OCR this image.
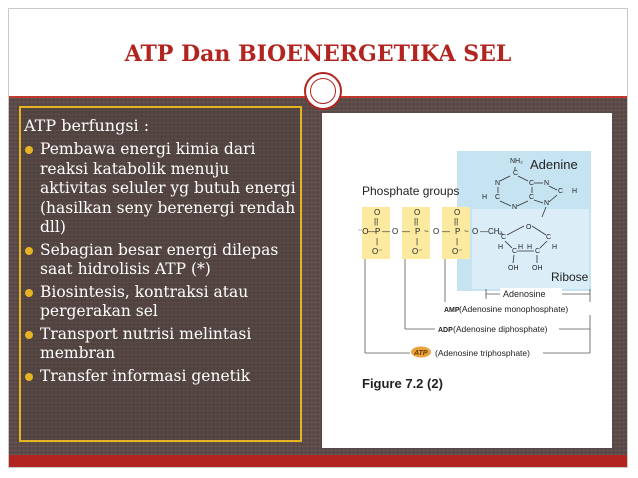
ATP Dan BIOENERGETIKA SEL
ATP berfungsi :
Pembawa energi kimia dari reaksi katabolik menuju aktivitas seluler yg butuh energi (hasilkan seny berenergi rendah dll)
Sebagian besar energi dilepas saat hidrolisis ATP (*)
Biosintesis, kontraksi atau pergerakan sel
Transport nutrisi melintasi membran
Transfer informasi genetik
Phosphate groups
Adenine
Ribose
O	O	O
||	||	||
⁻O — P — O — P ~ O — P ~ O — CH₂
|	|	|
O⁻	O⁻	O⁻
NH₂
C
N	C N
C
H	C
C H
N
N
O
C
H
C
H
C	C
H H
OH OH
Adenosine
AMP (Adenosine monophosphate)
ADP (Adenosine diphosphate)
ATP (Adenosine triphosphate)
Figure 7.2 (2)
